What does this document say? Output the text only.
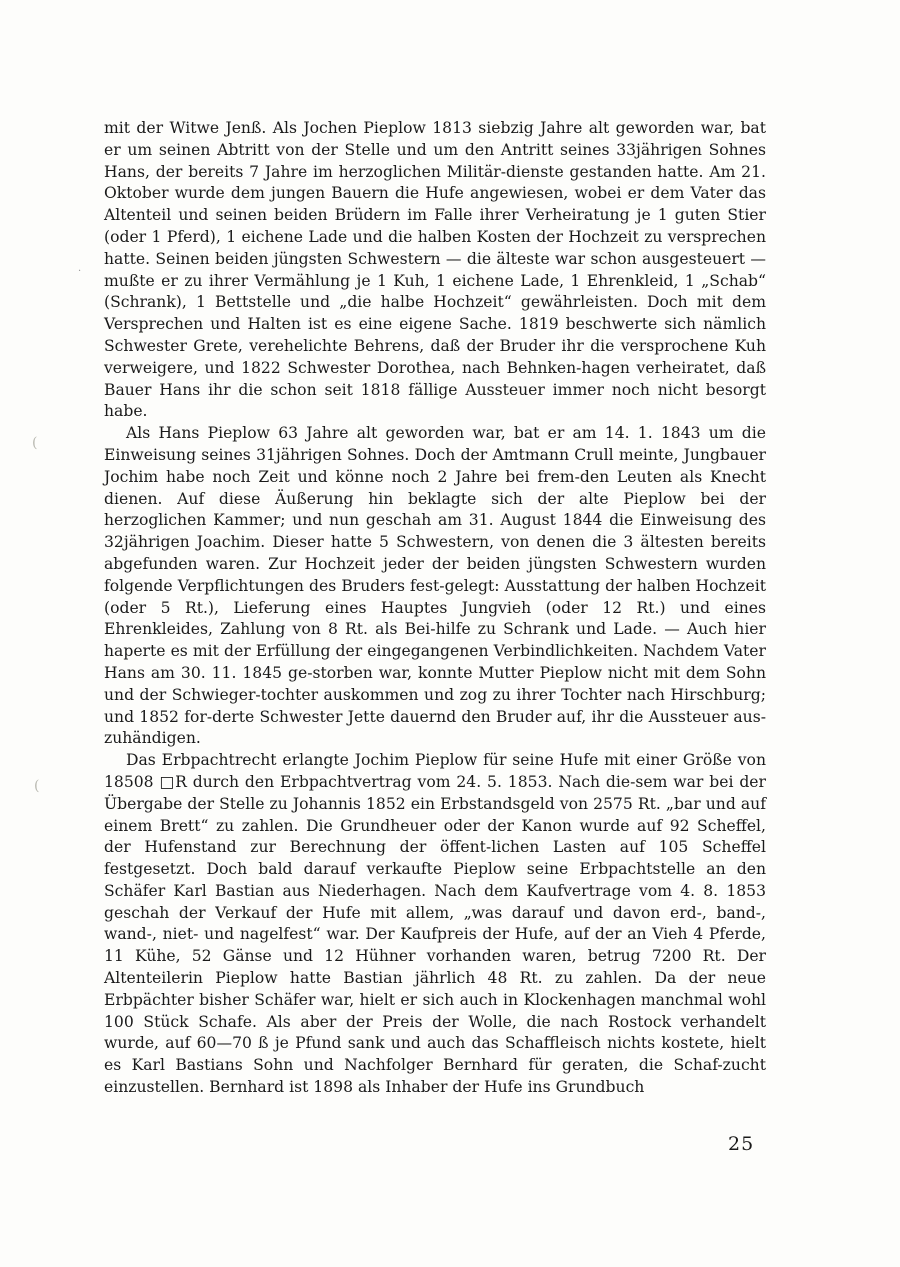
mit der Witwe Jenß. Als Jochen Pieplow 1813 siebzig Jahre alt geworden war, bat er um seinen Abtritt von der Stelle und um den Antritt seines 33jährigen Sohnes Hans, der bereits 7 Jahre im herzoglichen Militär-dienste gestanden hatte. Am 21. Oktober wurde dem jungen Bauern die Hufe angewiesen, wobei er dem Vater das Altenteil und seinen beiden Brüdern im Falle ihrer Verheiratung je 1 guten Stier (oder 1 Pferd), 1 eichene Lade und die halben Kosten der Hochzeit zu versprechen hatte. Seinen beiden jüngsten Schwestern — die älteste war schon ausgesteuert — mußte er zu ihrer Vermählung je 1 Kuh, 1 eichene Lade, 1 Ehrenkleid, 1 „Schab“ (Schrank), 1 Bettstelle und „die halbe Hochzeit“ gewährleisten. Doch mit dem Versprechen und Halten ist es eine eigene Sache. 1819 beschwerte sich nämlich Schwester Grete, verehelichte Behrens, daß der Bruder ihr die versprochene Kuh verweigere, und 1822 Schwester Dorothea, nach Behnken-hagen verheiratet, daß Bauer Hans ihr die schon seit 1818 fällige Aussteuer immer noch nicht besorgt habe.

Als Hans Pieplow 63 Jahre alt geworden war, bat er am 14. 1. 1843 um die Einweisung seines 31jährigen Sohnes. Doch der Amtmann Crull meinte, Jungbauer Jochim habe noch Zeit und könne noch 2 Jahre bei frem-den Leuten als Knecht dienen. Auf diese Äußerung hin beklagte sich der alte Pieplow bei der herzoglichen Kammer; und nun geschah am 31. August 1844 die Einweisung des 32jährigen Joachim. Dieser hatte 5 Schwestern, von denen die 3 ältesten bereits abgefunden waren. Zur Hochzeit jeder der beiden jüngsten Schwestern wurden folgende Verpflichtungen des Bruders fest-gelegt: Ausstattung der halben Hochzeit (oder 5 Rt.), Lieferung eines Hauptes Jungvieh (oder 12 Rt.) und eines Ehrenkleides, Zahlung von 8 Rt. als Bei-hilfe zu Schrank und Lade. — Auch hier haperte es mit der Erfüllung der eingegangenen Verbindlichkeiten. Nachdem Vater Hans am 30. 11. 1845 ge-storben war, konnte Mutter Pieplow nicht mit dem Sohn und der Schwieger-tochter auskommen und zog zu ihrer Tochter nach Hirschburg; und 1852 for-derte Schwester Jette dauernd den Bruder auf, ihr die Aussteuer aus-zuhändigen.

Das Erbpachtrecht erlangte Jochim Pieplow für seine Hufe mit einer Größe von 18508 □R durch den Erbpachtvertrag vom 24. 5. 1853. Nach die-sem war bei der Übergabe der Stelle zu Johannis 1852 ein Erbstandsgeld von 2575 Rt. „bar und auf einem Brett“ zu zahlen. Die Grundheuer oder der Kanon wurde auf 92 Scheffel, der Hufenstand zur Berechnung der öffent-lichen Lasten auf 105 Scheffel festgesetzt. Doch bald darauf verkaufte Pieplow seine Erbpachtstelle an den Schäfer Karl Bastian aus Niederhagen. Nach dem Kaufvertrage vom 4. 8. 1853 geschah der Verkauf der Hufe mit allem, „was darauf und davon erd-, band-, wand-, niet- und nagelfest“ war. Der Kaufpreis der Hufe, auf der an Vieh 4 Pferde, 11 Kühe, 52 Gänse und 12 Hühner vorhanden waren, betrug 7200 Rt. Der Altenteilerin Pieplow hatte Bastian jährlich 48 Rt. zu zahlen. Da der neue Erbpächter bisher Schäfer war, hielt er sich auch in Klockenhagen manchmal wohl 100 Stück Schafe. Als aber der Preis der Wolle, die nach Rostock verhandelt wurde, auf 60—70 ß je Pfund sank und auch das Schaffleisch nichts kostete, hielt es Karl Bastians Sohn und Nachfolger Bernhard für geraten, die Schaf-zucht einzustellen. Bernhard ist 1898 als Inhaber der Hufe ins Grundbuch

(
(
·
25
